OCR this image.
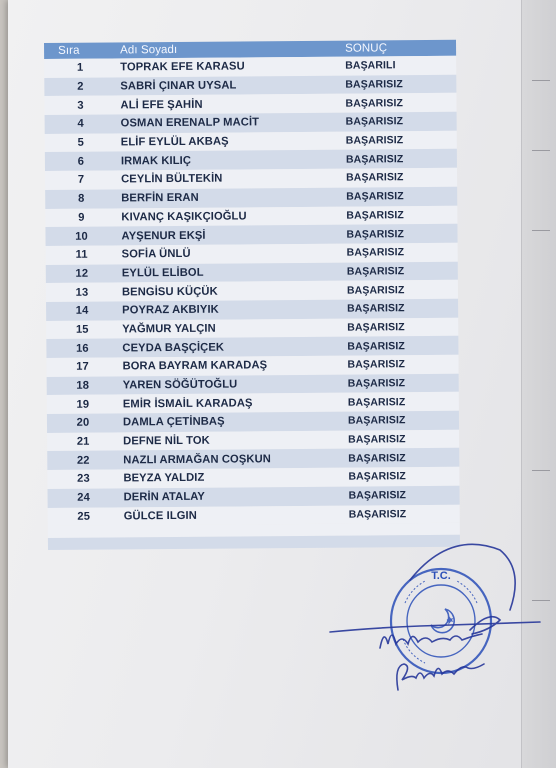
Sıra	Adı Soyadı	SONUÇ
1	TOPRAK EFE KARASU	BAŞARILI
2	SABRİ ÇINAR UYSAL	BAŞARISIZ
3	ALİ EFE ŞAHİN	BAŞARISIZ
4	OSMAN ERENALP MACİT	BAŞARISIZ
5	ELİF EYLÜL AKBAŞ	BAŞARISIZ
6	IRMAK KILIÇ	BAŞARISIZ
7	CEYLİN BÜLTEKİN	BAŞARISIZ
8	BERFİN ERAN	BAŞARISIZ
9	KIVANÇ KAŞIKÇIOĞLU	BAŞARISIZ
10	AYŞENUR EKŞİ	BAŞARISIZ
11	SOFİA ÜNLÜ	BAŞARISIZ
12	EYLÜL ELİBOL	BAŞARISIZ
13	BENGİSU KÜÇÜK	BAŞARISIZ
14	POYRAZ AKBIYIK	BAŞARISIZ
15	YAĞMUR YALÇIN	BAŞARISIZ
16	CEYDA BAŞÇİÇEK	BAŞARISIZ
17	BORA BAYRAM KARADAŞ	BAŞARISIZ
18	YAREN SÖĞÜTOĞLU	BAŞARISIZ
19	EMİR İSMAİL KARADAŞ	BAŞARISIZ
20	DAMLA ÇETİNBAŞ	BAŞARISIZ
21	DEFNE NİL TOK	BAŞARISIZ
22	NAZLI ARMAĞAN COŞKUN	BAŞARISIZ
23	BEYZA YALDIZ	BAŞARISIZ
24	DERİN ATALAY	BAŞARISIZ
25	GÜLCE ILGIN	BAŞARISIZ
T.C.
